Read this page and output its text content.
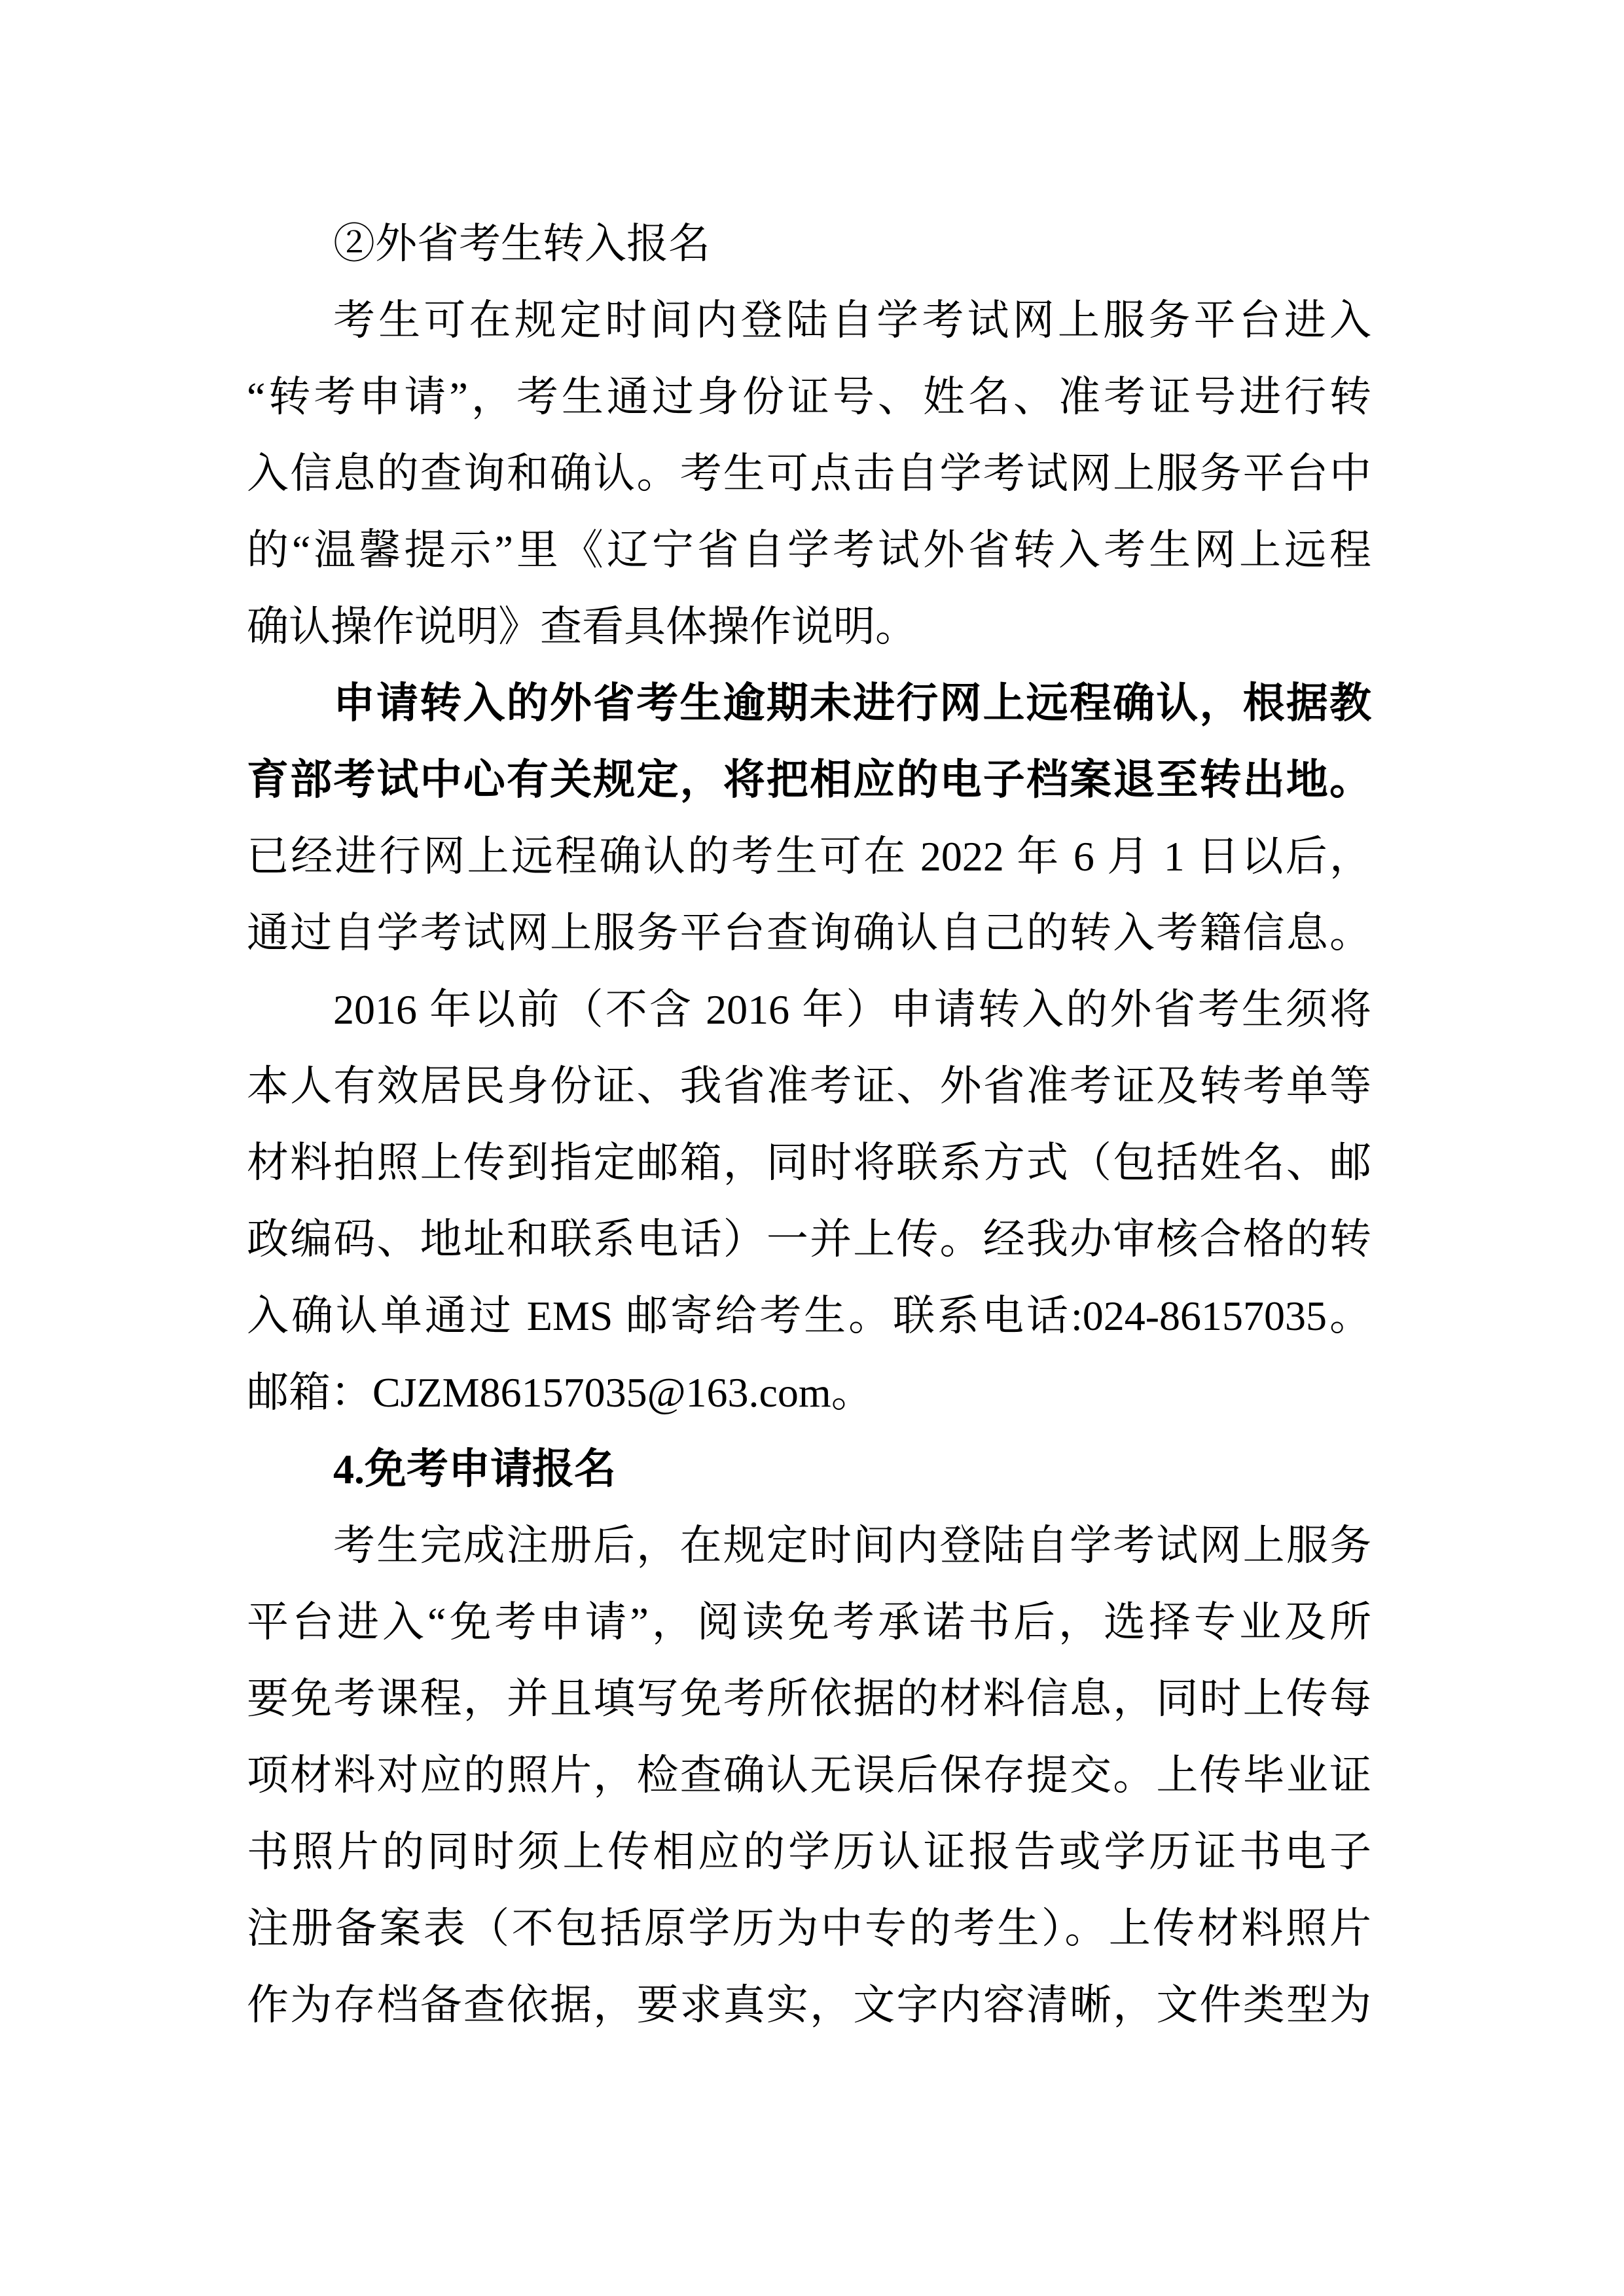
②外省考生转入报名
考生可在规定时间内登陆自学考试网上服务平台进入
“转考申请”，考生通过身份证号、姓名、准考证号进行转
入信息的查询和确认。考生可点击自学考试网上服务平台中
的“温馨提示”里《辽宁省自学考试外省转入考生网上远程
确认操作说明》查看具体操作说明。
申请转入的外省考生逾期未进行网上远程确认，根据教
育部考试中心有关规定，将把相应的电子档案退至转出地。
已经进行网上远程确认的考生可在 2022 年 6 月 1 日以后，
通过自学考试网上服务平台查询确认自己的转入考籍信息。
2016 年以前（不含 2016 年）申请转入的外省考生须将
本人有效居民身份证、我省准考证、外省准考证及转考单等
材料拍照上传到指定邮箱，同时将联系方式（包括姓名、邮
政编码、地址和联系电话）一并上传。经我办审核合格的转
入确认单通过 EMS 邮寄给考生。联系电话:024-86157035。
邮箱：CJZM86157035@163.com。
4.免考申请报名
考生完成注册后，在规定时间内登陆自学考试网上服务
平台进入“免考申请”，阅读免考承诺书后，选择专业及所
要免考课程，并且填写免考所依据的材料信息，同时上传每
项材料对应的照片，检查确认无误后保存提交。上传毕业证
书照片的同时须上传相应的学历认证报告或学历证书电子
注册备案表（不包括原学历为中专的考生）。上传材料照片
作为存档备查依据，要求真实，文字内容清晰，文件类型为
